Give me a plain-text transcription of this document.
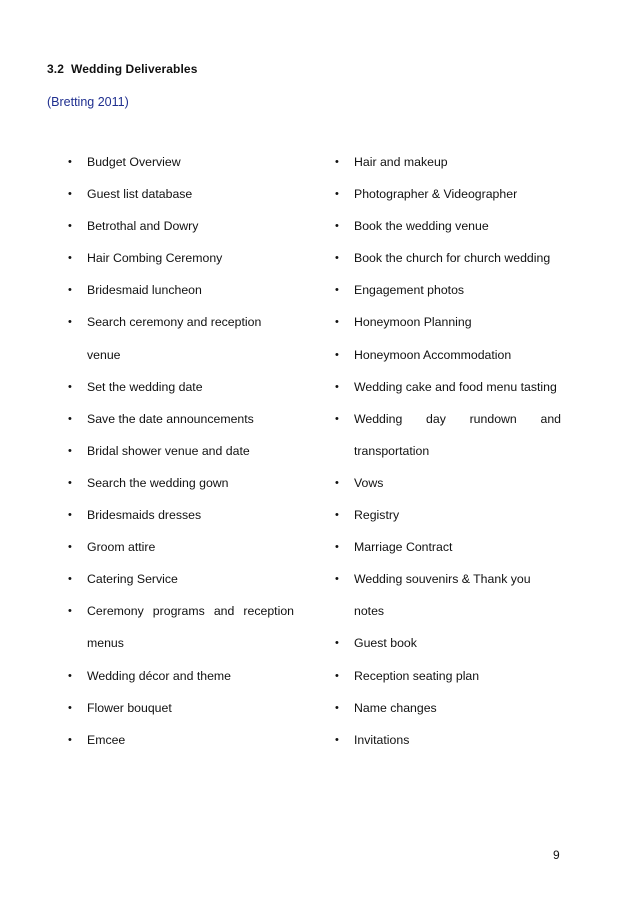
3.2 Wedding Deliverables
(Bretting 2011)
• Budget Overview
• Guest list database
• Betrothal and Dowry
• Hair Combing Ceremony
• Bridesmaid luncheon
• Search ceremony and reception venue
• Set the wedding date
• Save the date announcements
• Bridal shower venue and date
• Search the wedding gown
• Bridesmaids dresses
• Groom attire
• Catering Service
• Ceremony programs and reception
menus
• Wedding décor and theme
• Flower bouquet
• Emcee
• Hair and makeup
• Photographer & Videographer
• Book the wedding venue
• Book the church for church wedding
• Engagement photos
• Honeymoon Planning
• Honeymoon Accommodation
• Wedding cake and food menu tasting
• Wedding day rundown and
transportation
• Vows
• Registry
• Marriage Contract
• Wedding souvenirs & Thank you notes
• Guest book
• Reception seating plan
• Name changes
• Invitations
9
